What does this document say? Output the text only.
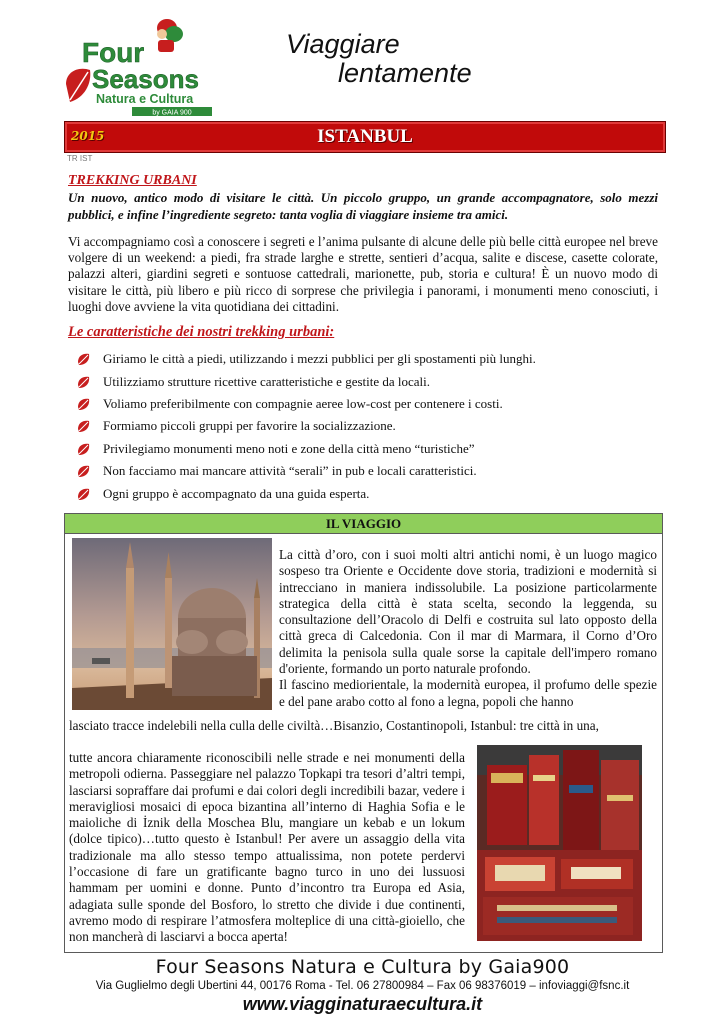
Four
Seasons
Natura e Cultura
by GAIA 900
Viaggiare
lentamente
2015	ISTANBUL
TR IST
TREKKING URBANI
Un nuovo, antico modo di visitare le città. Un piccolo gruppo, un grande accompagnatore, solo mezzi pubblici, e infine l’ingrediente segreto: tanta voglia di viaggiare insieme tra amici.
Vi accompagniamo così a conoscere i segreti e l’anima pulsante di alcune delle più belle città europee nel breve volgere di un weekend: a piedi, fra strade larghe e strette, sentieri d’acqua, salite e discese, casette colorate, palazzi alteri, giardini segreti e sontuose cattedrali, marionette, pub, storia e cultura! È un nuovo modo di visitare le città, più libero e più ricco di sorprese che privilegia i panorami, i monumenti meno conosciuti, i luoghi dove avviene la vita quotidiana dei cittadini.
Le caratteristiche dei nostri trekking urbani:
Giriamo le città a piedi, utilizzando i mezzi pubblici per gli spostamenti più lunghi.
Utilizziamo strutture ricettive caratteristiche e gestite da locali.
Voliamo preferibilmente con compagnie aeree low-cost per contenere i costi.
Formiamo piccoli gruppi per favorire la socializzazione.
Privilegiamo monumenti meno noti e zone della città meno “turistiche”
Non facciamo mai mancare attività “serali” in pub e locali caratteristici.
Ogni gruppo è accompagnato da una guida esperta.
IL VIAGGIO
La città d’oro, con i suoi molti altri antichi nomi, è un luogo magico sospeso tra Oriente e Occidente dove storia, tradizioni e modernità si intrecciano in maniera indissolubile. La posizione particolarmente strategica della città è stata scelta, secondo la leggenda, su consultazione dell’Oracolo di Delfi e costruita sul lato opposto della città greca di Calcedonia. Con il mar di Marmara, il Corno d’Oro delimita la penisola sulla quale sorse la capitale dell'impero romano d'oriente, formando un porto naturale profondo.
Il fascino mediorientale, la modernità europea, il profumo delle spezie e del pane arabo cotto al fono a legna, popoli che hanno
lasciato tracce indelebili nella culla delle civiltà…Bisanzio, Costantinopoli, Istanbul: tre città in una,
tutte ancora chiaramente riconoscibili nelle strade e nei monumenti della metropoli odierna. Passeggiare nel palazzo Topkapi tra tesori d’altri tempi, lasciarsi sopraffare dai profumi e dai colori degli incredibili bazar, vedere i meravigliosi mosaici di epoca bizantina all’interno di Haghia Sofia e le maioliche di İznik della Moschea Blu, mangiare un kebab e un lokum (dolce tipico)…tutto questo è Istanbul! Per avere un assaggio della vita tradizionale ma allo stesso tempo attualissima, non potete perdervi l’occasione di fare un gratificante bagno turco in uno dei lussuosi hammam per uomini e donne. Punto d’incontro tra Europa ed Asia, adagiata sulle sponde del Bosforo, lo stretto che divide i due continenti, avremo modo di respirare l’atmosfera molteplice di una città-gioiello, che non mancherà di lasciarvi a bocca aperta!
Four Seasons Natura e Cultura by Gaia900
Via Guglielmo degli Ubertini 44, 00176 Roma - Tel. 06 27800984 – Fax 06 98376019 – infoviaggi@fsnc.it
www.viagginaturaecultura.it
